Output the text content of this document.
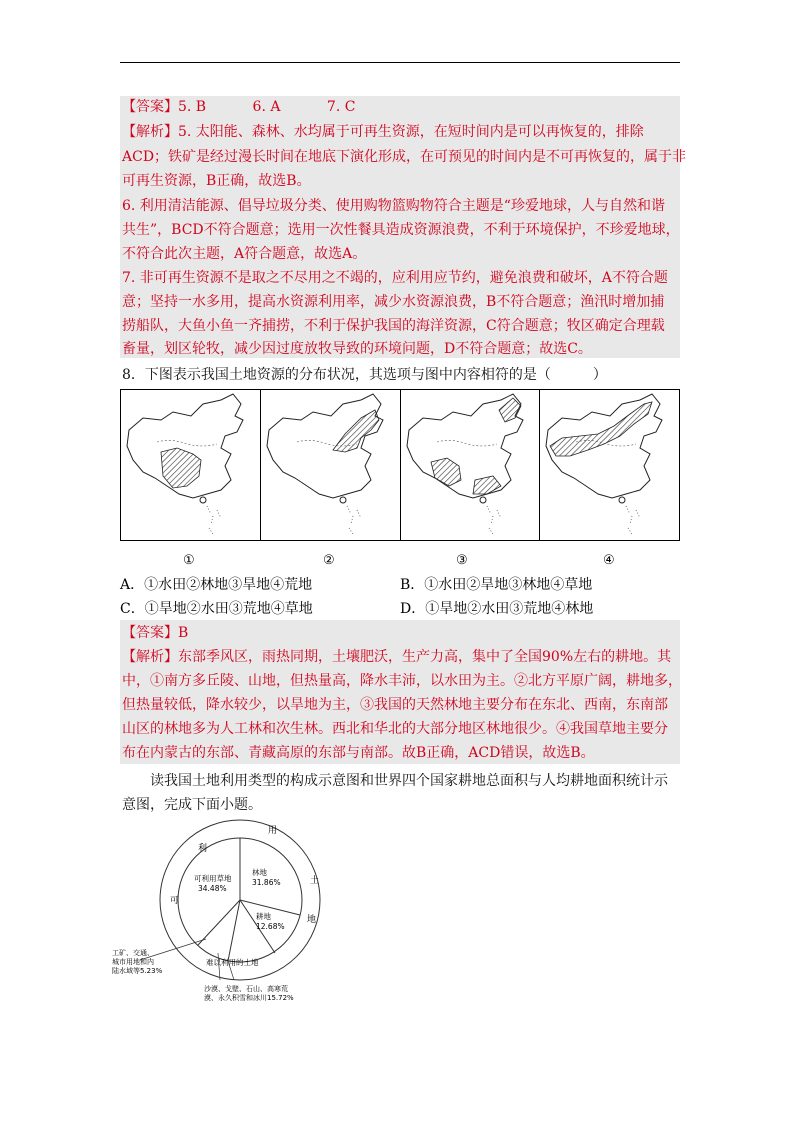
【答案】5. B　　　 6. A　　　 7. C
【解析】5. 太阳能、森林、水均属于可再生资源，在短时间内是可以再恢复的，排除
ACD；铁矿是经过漫长时间在地底下演化形成，在可预见的时间内是不可再恢复的，属于非
可再生资源，B正确，故选B。
6. 利用清洁能源、倡导垃圾分类、使用购物篮购物符合主题是“珍爱地球，人与自然和谐
共生”，BCD不符合题意；选用一次性餐具造成资源浪费，不利于环境保护，不珍爱地球，
不符合此次主题，A符合题意，故选A。
7. 非可再生资源不是取之不尽用之不竭的，应利用应节约，避免浪费和破坏，A不符合题
意；坚持一水多用，提高水资源利用率，减少水资源浪费，B不符合题意；渔汛时增加捕
捞船队，大鱼小鱼一齐捕捞，不利于保护我国的海洋资源，C符合题意；牧区确定合理载
畜量，划区轮牧，减少因过度放牧导致的环境问题，D不符合题意；故选C。
8．下图表示我国土地资源的分布状况，其选项与图中内容相符的是（　　　）
①	②	③	④
A．①水田②林地③旱地④荒地	B．①水田②旱地③林地④草地
C．①旱地②水田③荒地④草地	D．①旱地②水田③荒地④林地
【答案】B
【解析】东部季风区，雨热同期，土壤肥沃，生产力高，集中了全国90%左右的耕地。其
中，①南方多丘陵、山地，但热量高，降水丰沛，以水田为主。②北方平原广阔，耕地多，
但热量较低，降水较少，以旱地为主，③我国的天然林地主要分布在东北、西南，东南部
山区的林地多为人工林和次生林。西北和华北的大部分地区林地很少。④我国草地主要分
布在内蒙古的东部、青藏高原的东部与南部。故B正确，ACD错误，故选B。
　　读我国土地利用类型的构成示意图和世界四个国家耕地总面积与人均耕地面积统计示
意图，完成下面小题。
利
用
土
地
可
可利用草地
34.48%
林地
31.86%
耕地
12.68%
工矿、交通、
城市用地和内
陆水域等5.23%
难以利用的土地
沙漠、戈壁、石山、高寒荒
漠、永久积雪和冰川15.72%
